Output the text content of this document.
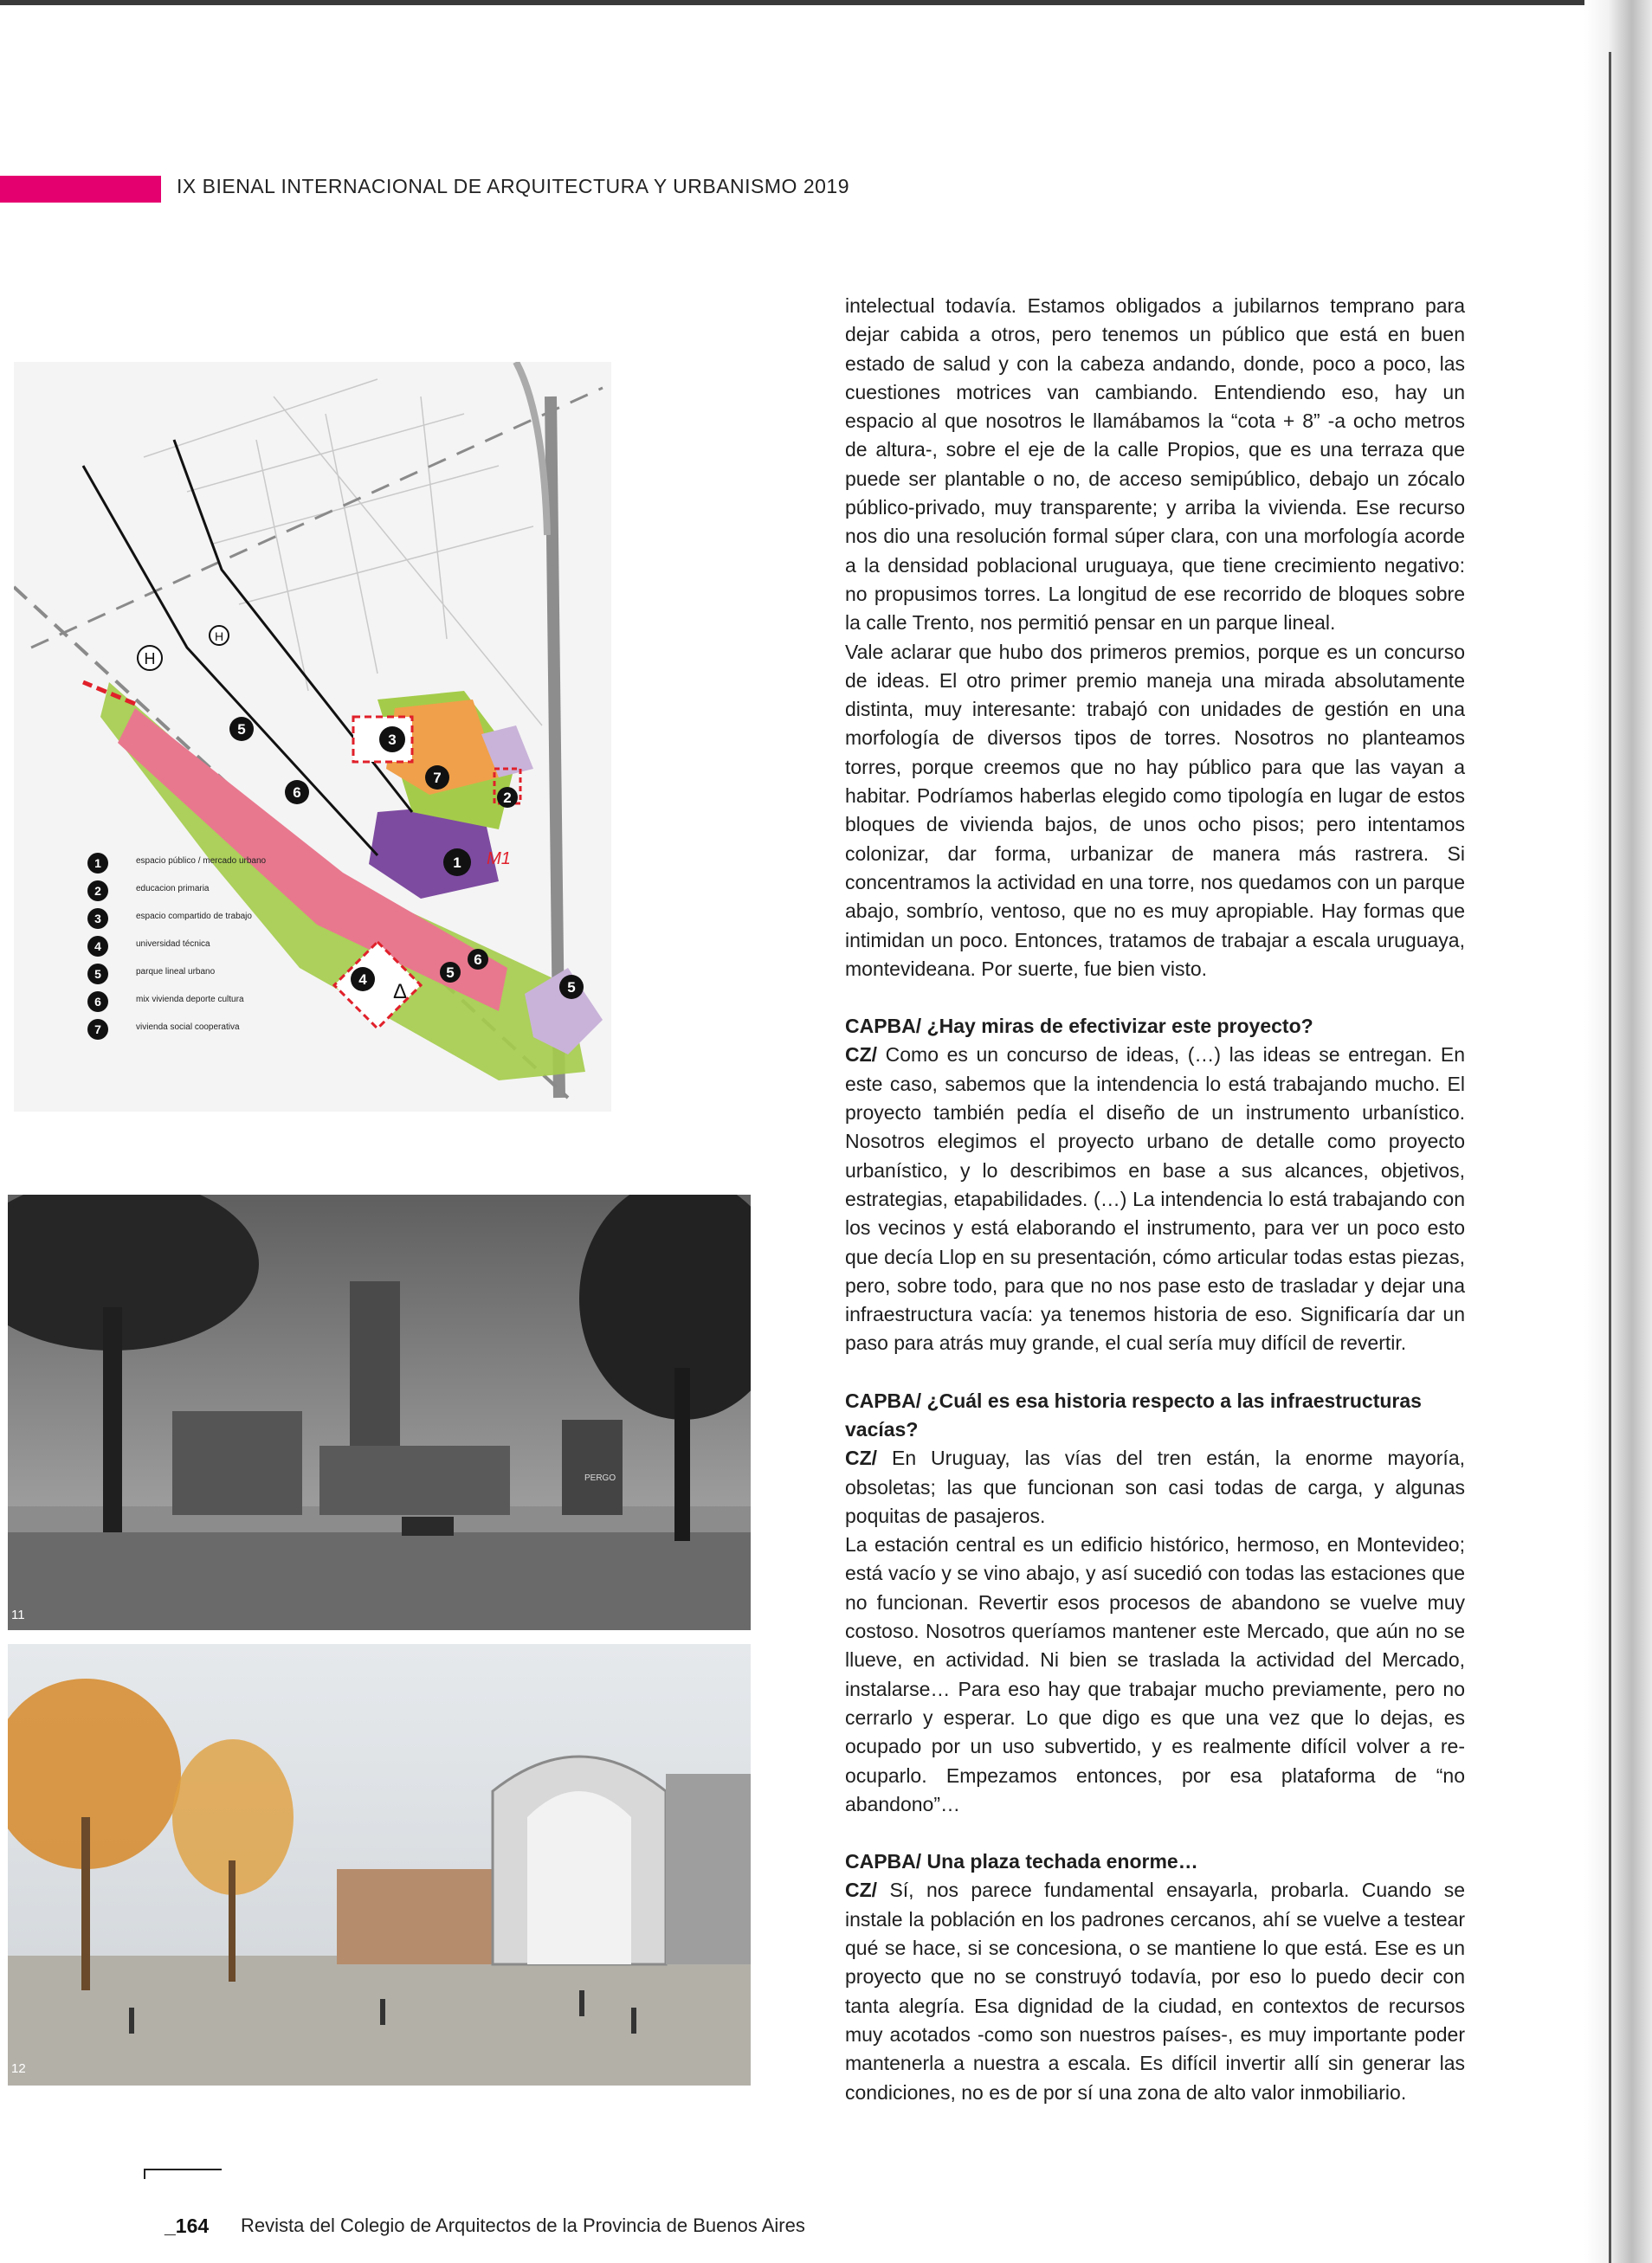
IX BIENAL INTERNACIONAL DE ARQUITECTURA Y URBANISMO 2019
5
6
3
7
2
1
4	5
6
5
H
H
Δ
M1
1	espacio público / mercado urbano
2	educacion primaria
3	espacio compartido de trabajo
4	universidad técnica
5	parque lineal urbano
6	mix vivienda deporte cultura
7	vivienda social cooperativa
PERGO
11
12

intelectual todavía. Estamos obligados a jubilarnos temprano para dejar cabida a otros, pero tenemos un público que está en buen estado de salud y con la cabeza andando, donde, poco a poco, las cuestiones motrices van cambiando. Entendiendo eso, hay un espacio al que nosotros le llamábamos la “cota + 8” -a ocho metros de altura-, sobre el eje de la calle Propios, que es una terraza que puede ser plantable o no, de acceso semipúblico, debajo un zócalo público-privado, muy transparente; y arriba la vivienda. Ese recurso nos dio una resolución formal súper clara, con una morfología acorde a la densidad poblacional uruguaya, que tiene crecimiento negativo: no propusimos torres. La longitud de ese recorrido de bloques sobre la calle Trento, nos permitió pensar en un parque lineal.

Vale aclarar que hubo dos primeros premios, porque es un concurso de ideas. El otro primer premio maneja una mirada absolutamente distinta, muy interesante: trabajó con unidades de gestión en una morfología de diversos tipos de torres. Nosotros no planteamos torres, porque creemos que no hay público para que las vayan a habitar. Podríamos haberlas elegido como tipología en lugar de estos bloques de vivienda bajos, de unos ocho pisos; pero intentamos colonizar, dar forma, urbanizar de manera más rastrera. Si concentramos la actividad en una torre, nos quedamos con un parque abajo, sombrío, ventoso, que no es muy apropiable. Hay formas que intimidan un poco. Entonces, tratamos de trabajar a escala uruguaya, montevideana. Por suerte, fue bien visto.

CAPBA/ ¿Hay miras de efectivizar este proyecto?

CZ/ Como es un concurso de ideas, (…) las ideas se entregan. En este caso, sabemos que la intendencia lo está trabajando mucho. El proyecto también pedía el diseño de un instrumento urbanístico. Nosotros elegimos el proyecto urbano de detalle como proyecto urbanístico, y lo describimos en base a sus alcances, objetivos, estrategias, etapabilidades. (…) La intendencia lo está trabajando con los vecinos y está elaborando el instrumento, para ver un poco esto que decía Llop en su presentación, cómo articular todas estas piezas, pero, sobre todo, para que no nos pase esto de trasladar y dejar una infraestructura vacía: ya tenemos historia de eso. Significaría dar un paso para atrás muy grande, el cual sería muy difícil de revertir.

CAPBA/ ¿Cuál es esa historia respecto a las infraestructuras vacías?

CZ/ En Uruguay, las vías del tren están, la enorme mayoría, obsoletas; las que funcionan son casi todas de carga, y algunas poquitas de pasajeros.

La estación central es un edificio histórico, hermoso, en Montevideo; está vacío y se vino abajo, y así sucedió con todas las estaciones que no funcionan. Revertir esos procesos de abandono se vuelve muy costoso. Nosotros queríamos mantener este Mercado, que aún no se llueve, en actividad. Ni bien se traslada la actividad del Mercado, instalarse… Para eso hay que trabajar mucho previamente, pero no cerrarlo y esperar. Lo que digo es que una vez que lo dejas, es ocupado por un uso subvertido, y es realmente difícil volver a re-ocuparlo. Empezamos entonces, por esa plataforma de “no abandono”…

CAPBA/ Una plaza techada enorme…

CZ/ Sí, nos parece fundamental ensayarla, probarla. Cuando se instale la población en los padrones cercanos, ahí se vuelve a testear qué se hace, si se concesiona, o se mantiene lo que está. Ese es un proyecto que no se construyó todavía, por eso lo puedo decir con tanta alegría. Esa dignidad de la ciudad, en contextos de recursos muy acotados -como son nuestros países-, es muy importante poder mantenerla a nuestra a escala. Es difícil invertir allí sin generar las condiciones, no es de por sí una zona de alto valor inmobiliario.

_164 Revista del Colegio de Arquitectos de la Provincia de Buenos Aires
